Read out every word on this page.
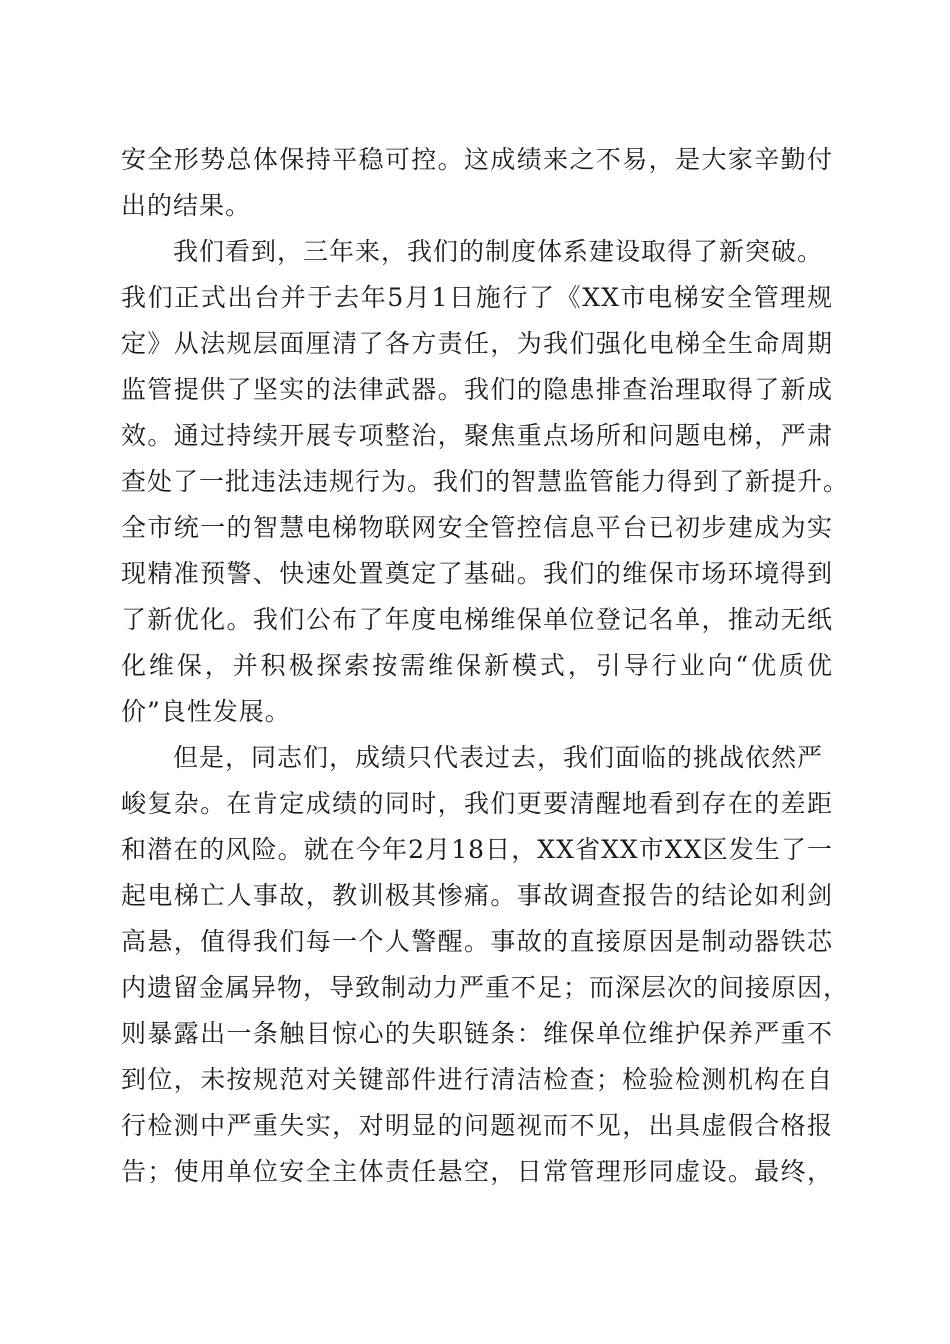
安全形势总体保持平稳可控。这成绩来之不易，是大家辛勤付
出的结果。
我们看到，三年来，我们的制度体系建设取得了新突破。
我们正式出台并于去年5月1日施行了《XX市电梯安全管理规
定》从法规层面厘清了各方责任，为我们强化电梯全生命周期
监管提供了坚实的法律武器。我们的隐患排查治理取得了新成
效。通过持续开展专项整治，聚焦重点场所和问题电梯，严肃
查处了一批违法违规行为。我们的智慧监管能力得到了新提升。
全市统一的智慧电梯物联网安全管控信息平台已初步建成为实
现精准预警、快速处置奠定了基础。我们的维保市场环境得到
了新优化。我们公布了年度电梯维保单位登记名单，推动无纸
化维保，并积极探索按需维保新模式，引导行业向“优质优
价”良性发展。
但是，同志们，成绩只代表过去，我们面临的挑战依然严
峻复杂。在肯定成绩的同时，我们更要清醒地看到存在的差距
和潜在的风险。就在今年2月18日，XX省XX市XX区发生了一
起电梯亡人事故，教训极其惨痛。事故调查报告的结论如利剑
高悬，值得我们每一个人警醒。事故的直接原因是制动器铁芯
内遗留金属异物，导致制动力严重不足；而深层次的间接原因，
则暴露出一条触目惊心的失职链条：维保单位维护保养严重不
到位，未按规范对关键部件进行清洁检查；检验检测机构在自
行检测中严重失实，对明显的问题视而不见，出具虚假合格报
告；使用单位安全主体责任悬空，日常管理形同虚设。最终，
